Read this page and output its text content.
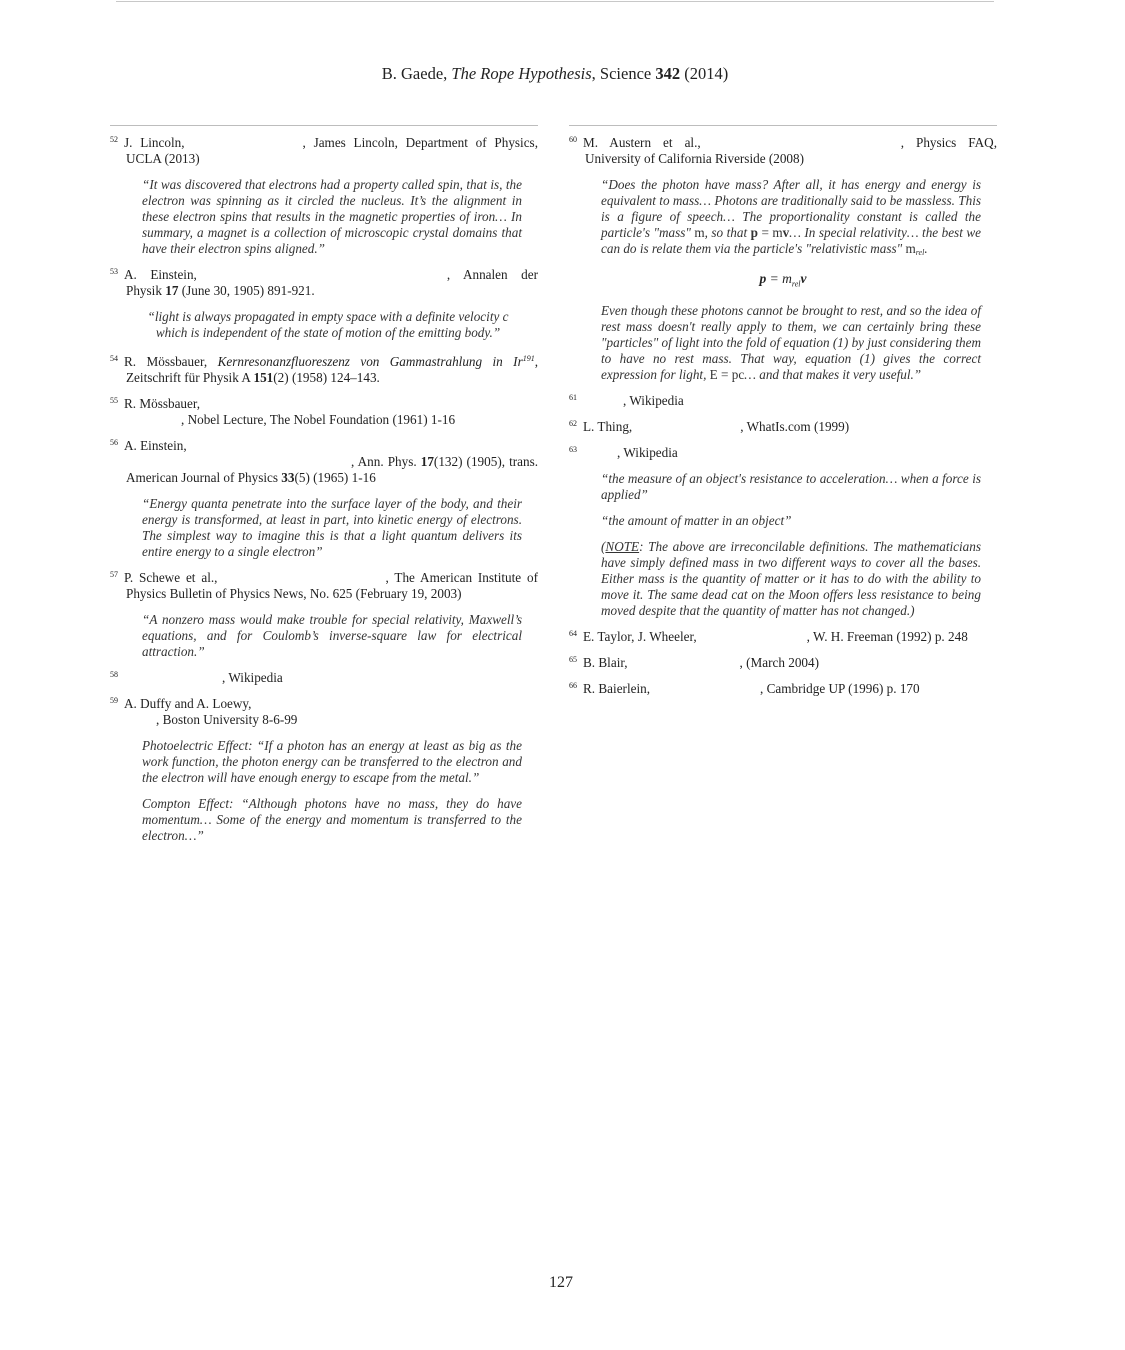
B. Gaede, The Rope Hypothesis, Science 342 (2014)

52 J. Lincoln,	, James Lincoln, Department of Physics, UCLA (2013)

“It was discovered that electrons had a property called spin, that is, the electron was spinning as it circled the nucleus. It’s the alignment in these electron spins that results in the magnetic properties of iron… In summary, a magnet is a collection of microscopic crystal domains that have their electron spins aligned.”

53 A. Einstein,	, Annalen der Physik 17 (June 30, 1905) 891-921.

“light is always propagated in empty space with a definite velocity c which is independent of the state of motion of the emitting body.”

54 R. Mössbauer, Kernresonanzfluoreszenz von Gammastrahlung in Ir$^{191}$, Zeitschrift für Physik A 151(2) (1958) 124–143.

55 R. Mössbauer,
, Nobel Lecture, The Nobel Foundation (1961) 1-16

56 A. Einstein,
, Ann. Phys. 17(132) (1905), trans. American Journal of Physics 33(5) (1965) 1-16

“Energy quanta penetrate into the surface layer of the body, and their energy is transformed, at least in part, into kinetic energy of electrons. The simplest way to imagine this is that a light quantum delivers its entire energy to a single electron”

57 P. Schewe et al.,	, The American Institute of Physics Bulletin of Physics News, No. 625 (February 19, 2003)

“A nonzero mass would make trouble for special relativity, Maxwell’s equations, and for Coulomb’s inverse-square law for electrical attraction.”

58	, Wikipedia

59 A. Duffy and A. Loewy,
, Boston University 8-6-99

Photoelectric Effect: “If a photon has an energy at least as big as the work function, the photon energy can be transferred to the electron and the electron will have enough energy to escape from the metal.”

Compton Effect: “Although photons have no mass, they do have momentum… Some of the energy and momentum is transferred to the electron…”

60 M. Austern et al.,	, Physics FAQ, University of California Riverside (2008)

“Does the photon have mass? After all, it has energy and energy is equivalent to mass… Photons are traditionally said to be massless. This is a figure of speech… The proportionality constant is called the particle's "mass" m, so that p = mv… In special relativity… the best we can do is relate them via the particle's "relativistic mass" mrel.

$p = m_{rel}v$

Even though these photons cannot be brought to rest, and so the idea of rest mass doesn't really apply to them, we can certainly bring these "particles" of light into the fold of equation (1) by just considering them to have no rest mass. That way, equation (1) gives the correct expression for light, E = pc… and that makes it very useful.”

61	, Wikipedia

62 L. Thing,	, WhatIs.com (1999)

63	, Wikipedia

“the measure of an object's resistance to acceleration… when a force is applied”

“the amount of matter in an object”

(NOTE: The above are irreconcilable definitions. The mathematicians have simply defined mass in two different ways to cover all the bases. Either mass is the quantity of matter or it has to do with the ability to move it. The same dead cat on the Moon offers less resistance to being moved despite that the quantity of matter has not changed.)

64 E. Taylor, J. Wheeler,	, W. H. Freeman (1992) p. 248

65 B. Blair,	, (March 2004)

66 R. Baierlein,	, Cambridge UP (1996) p. 170

127
